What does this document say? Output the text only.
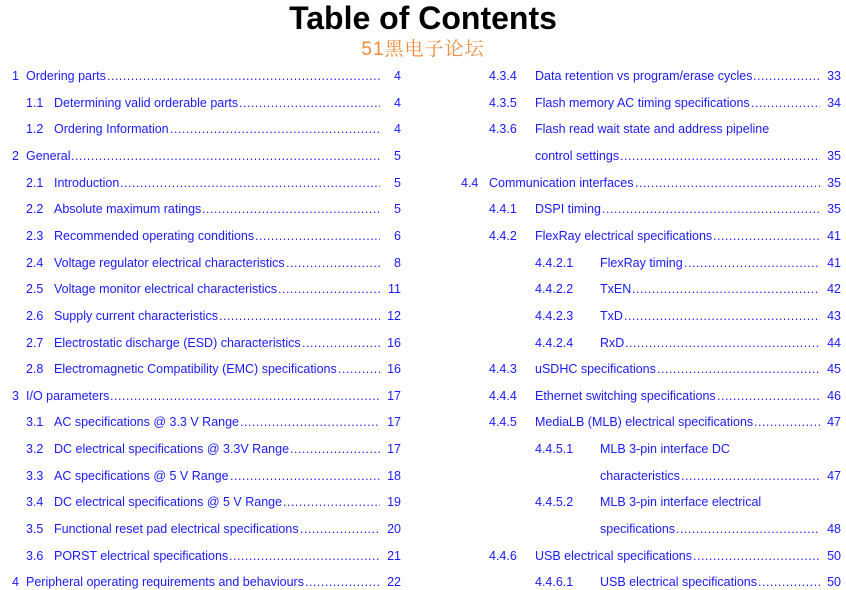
Table of Contents
51黑电子论坛
1 Ordering parts .....	4
1.1 Determining valid orderable parts .....	4
1.2 Ordering Information .....	4
2 General .....	5
2.1 Introduction .....	5
2.2 Absolute maximum ratings .....	5
2.3 Recommended operating conditions .....	6
2.4 Voltage regulator electrical characteristics .....	8
2.5 Voltage monitor electrical characteristics .....	11
2.6 Supply current characteristics .....	12
2.7 Electrostatic discharge (ESD) characteristics .....	16
2.8 Electromagnetic Compatibility (EMC) specifications .....	16
3 I/O parameters .....	17
3.1 AC specifications @ 3.3 V Range .....	17
3.2 DC electrical specifications @ 3.3V Range .....	17
3.3 AC specifications @ 5 V Range .....	18
3.4 DC electrical specifications @ 5 V Range .....	19
3.5 Functional reset pad electrical specifications .....	20
3.6 PORST electrical specifications .....	21
4 Peripheral operating requirements and behaviours .....	22
4.3.4 Data retention vs program/erase cycles .....	33
4.3.5 Flash memory AC timing specifications .....	34
4.3.6 Flash read wait state and address pipeline
control settings .....	35
4.4 Communication interfaces .....	35
4.4.1 DSPI timing .....	35
4.4.2 FlexRay electrical specifications .....	41
4.4.2.1 FlexRay timing .....	41
4.4.2.2 TxEN .....	42
4.4.2.3 TxD .....	43
4.4.2.4 RxD .....	44
4.4.3 uSDHC specifications .....	45
4.4.4 Ethernet switching specifications .....	46
4.4.5 MediaLB (MLB) electrical specifications .....	47
4.4.5.1 MLB 3-pin interface DC
characteristics .....	47
4.4.5.2 MLB 3-pin interface electrical
specifications .....	48
4.4.6 USB electrical specifications .....	50
4.4.6.1 USB electrical specifications .....	50
